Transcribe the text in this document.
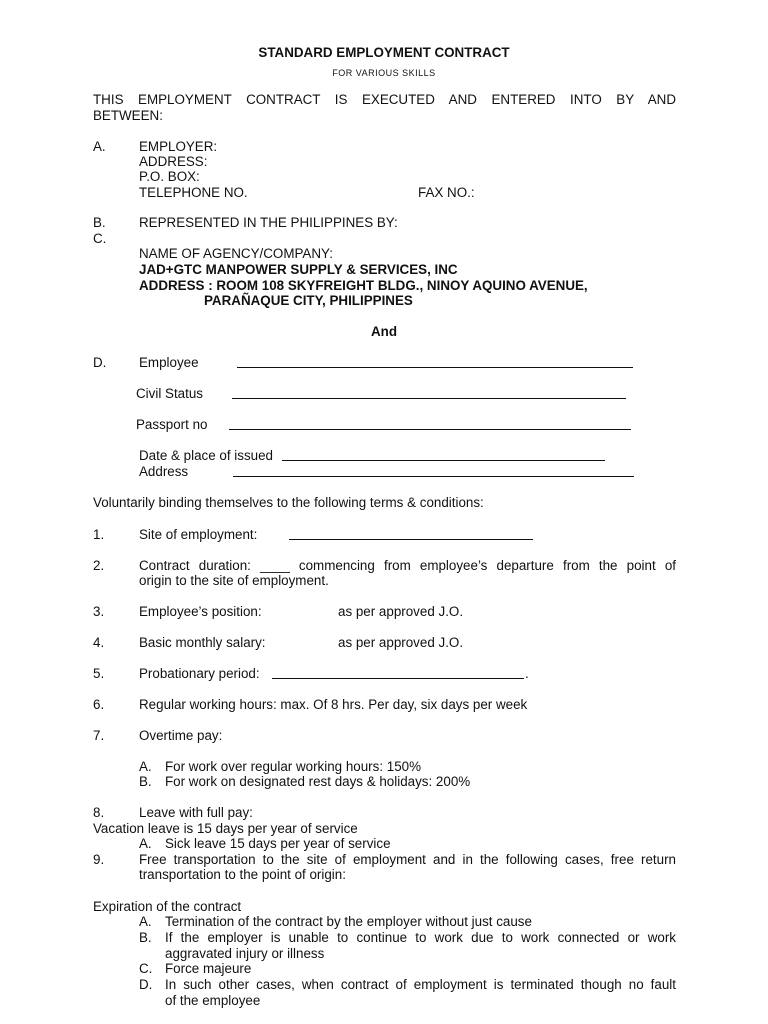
STANDARD EMPLOYMENT CONTRACT
FOR VARIOUS SKILLS
THIS EMPLOYMENT CONTRACT IS EXECUTED AND ENTERED INTO BY AND
BETWEEN:
A. EMPLOYER:
ADDRESS:
P.O. BOX:
TELEPHONE NO.	FAX NO.:
B. REPRESENTED IN THE PHILIPPINES BY:
C.
NAME OF AGENCY/COMPANY:
JAD+GTC MANPOWER SUPPLY & SERVICES, INC
ADDRESS : ROOM 108 SKYFREIGHT BLDG., NINOY AQUINO AVENUE,
PARAÑAQUE CITY, PHILIPPINES
And
D. Employee
Civil Status
Passport no
Date & place of issued
Address
Voluntarily binding themselves to the following terms & conditions:
1.	Site of employment:
2.	Contract duration: ____ commencing from employee’s departure from the point of
origin to the site of employment.
3.	Employee’s position:	as per approved J.O.
4.	Basic monthly salary:	as per approved J.O.
5.	Probationary period:	.
6.	Regular working hours: max. Of 8 hrs. Per day, six days per week
7.	Overtime pay:
A. For work over regular working hours: 150%
B. For work on designated rest days & holidays: 200%
8.	Leave with full pay:
Vacation leave is 15 days per year of service
A. Sick leave 15 days per year of service
9.	Free transportation to the site of employment and in the following cases, free return
transportation to the point of origin:
Expiration of the contract
A. Termination of the contract by the employer without just cause
B. If the employer is unable to continue to work due to work connected or work
aggravated injury or illness
C. Force majeure
D. In such other cases, when contract of employment is terminated though no fault
of the employee
